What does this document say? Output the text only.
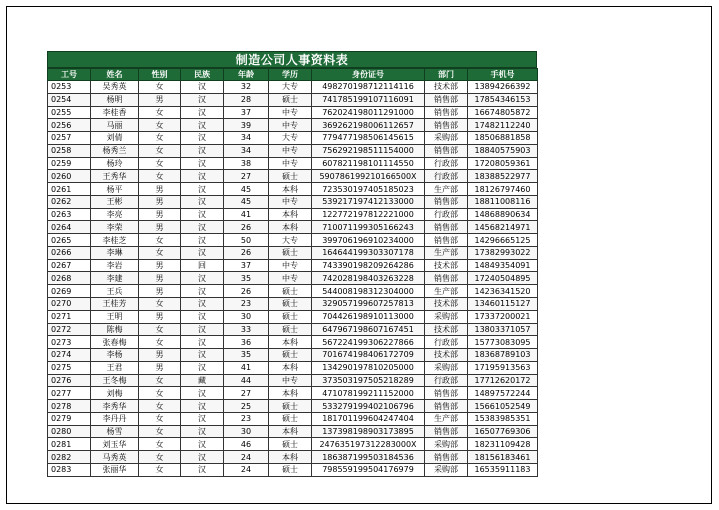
制造公司人事资料表
工号	姓名	性别	民族	年龄	学历	身份证号	部门	手机号
0253	吴秀英	女	汉	32	大专	498270198712114116	技术部	13894266392
0254	杨明	男	汉	28	硕士	741785199107116091	销售部	17854346153
0255	李桂香	女	汉	37	中专	762024198011291000	销售部	16674805872
0256	马丽	女	汉	39	中专	369262198006112657	销售部	17482112240
0257	刘倩	女	汉	34	大专	779477198506145615	采购部	18506881858
0258	杨秀兰	女	汉	34	中专	756292198511154000	销售部	18840575903
0259	杨玲	女	汉	38	中专	607821198101114550	行政部	17208059361
0260	王秀华	女	汉	27	硕士	590786199210166500X	行政部	18388522977
0261	杨平	男	汉	45	本科	723530197405185023	生产部	18126797460
0262	王彬	男	汉	45	中专	539217197412133000	销售部	18811008116
0263	李亮	男	汉	41	本科	122772197812221000	行政部	14868890634
0264	李荣	男	汉	26	本科	710071199305166243	销售部	14568214971
0265	李桂芝	女	汉	50	大专	399706196910234000	销售部	14296665125
0266	李琳	女	汉	26	硕士	164644199303307178	生产部	17382993022
0267	李岩	男	回	37	中专	743390198209264286	技术部	14849354091
0268	李建	男	汉	35	中专	742028198403263228	销售部	17240504895
0269	王兵	男	汉	26	硕士	544008198312304000	生产部	14236341520
0270	王桂芳	女	汉	23	硕士	329057199607257813	技术部	13460115127
0271	王明	男	汉	30	硕士	704426198910113000	采购部	17337200021
0272	陈梅	女	汉	33	硕士	647967198607167451	技术部	13803371057
0273	张春梅	女	汉	36	本科	567224199306227866	行政部	15773083095
0274	李杨	男	汉	35	硕士	701674198406172709	技术部	18368789103
0275	王君	男	汉	41	本科	134290197810205000	采购部	17195913563
0276	王冬梅	女	藏	44	中专	373503197505218289	行政部	17712620172
0277	刘梅	女	汉	27	本科	471078199211152000	销售部	14897572244
0278	李秀华	女	汉	25	硕士	533279199402106796	销售部	15661052549
0279	李丹丹	女	汉	23	硕士	181701199604247404	生产部	15383985351
0280	杨雪	女	汉	30	本科	137398198903173895	销售部	16507769306
0281	刘玉华	女	汉	46	硕士	247635197312283000X	采购部	18231109428
0282	马秀英	女	汉	24	本科	186387199503184536	销售部	18156183461
0283	张丽华	女	汉	24	硕士	798559199504176979	采购部	16535911183
